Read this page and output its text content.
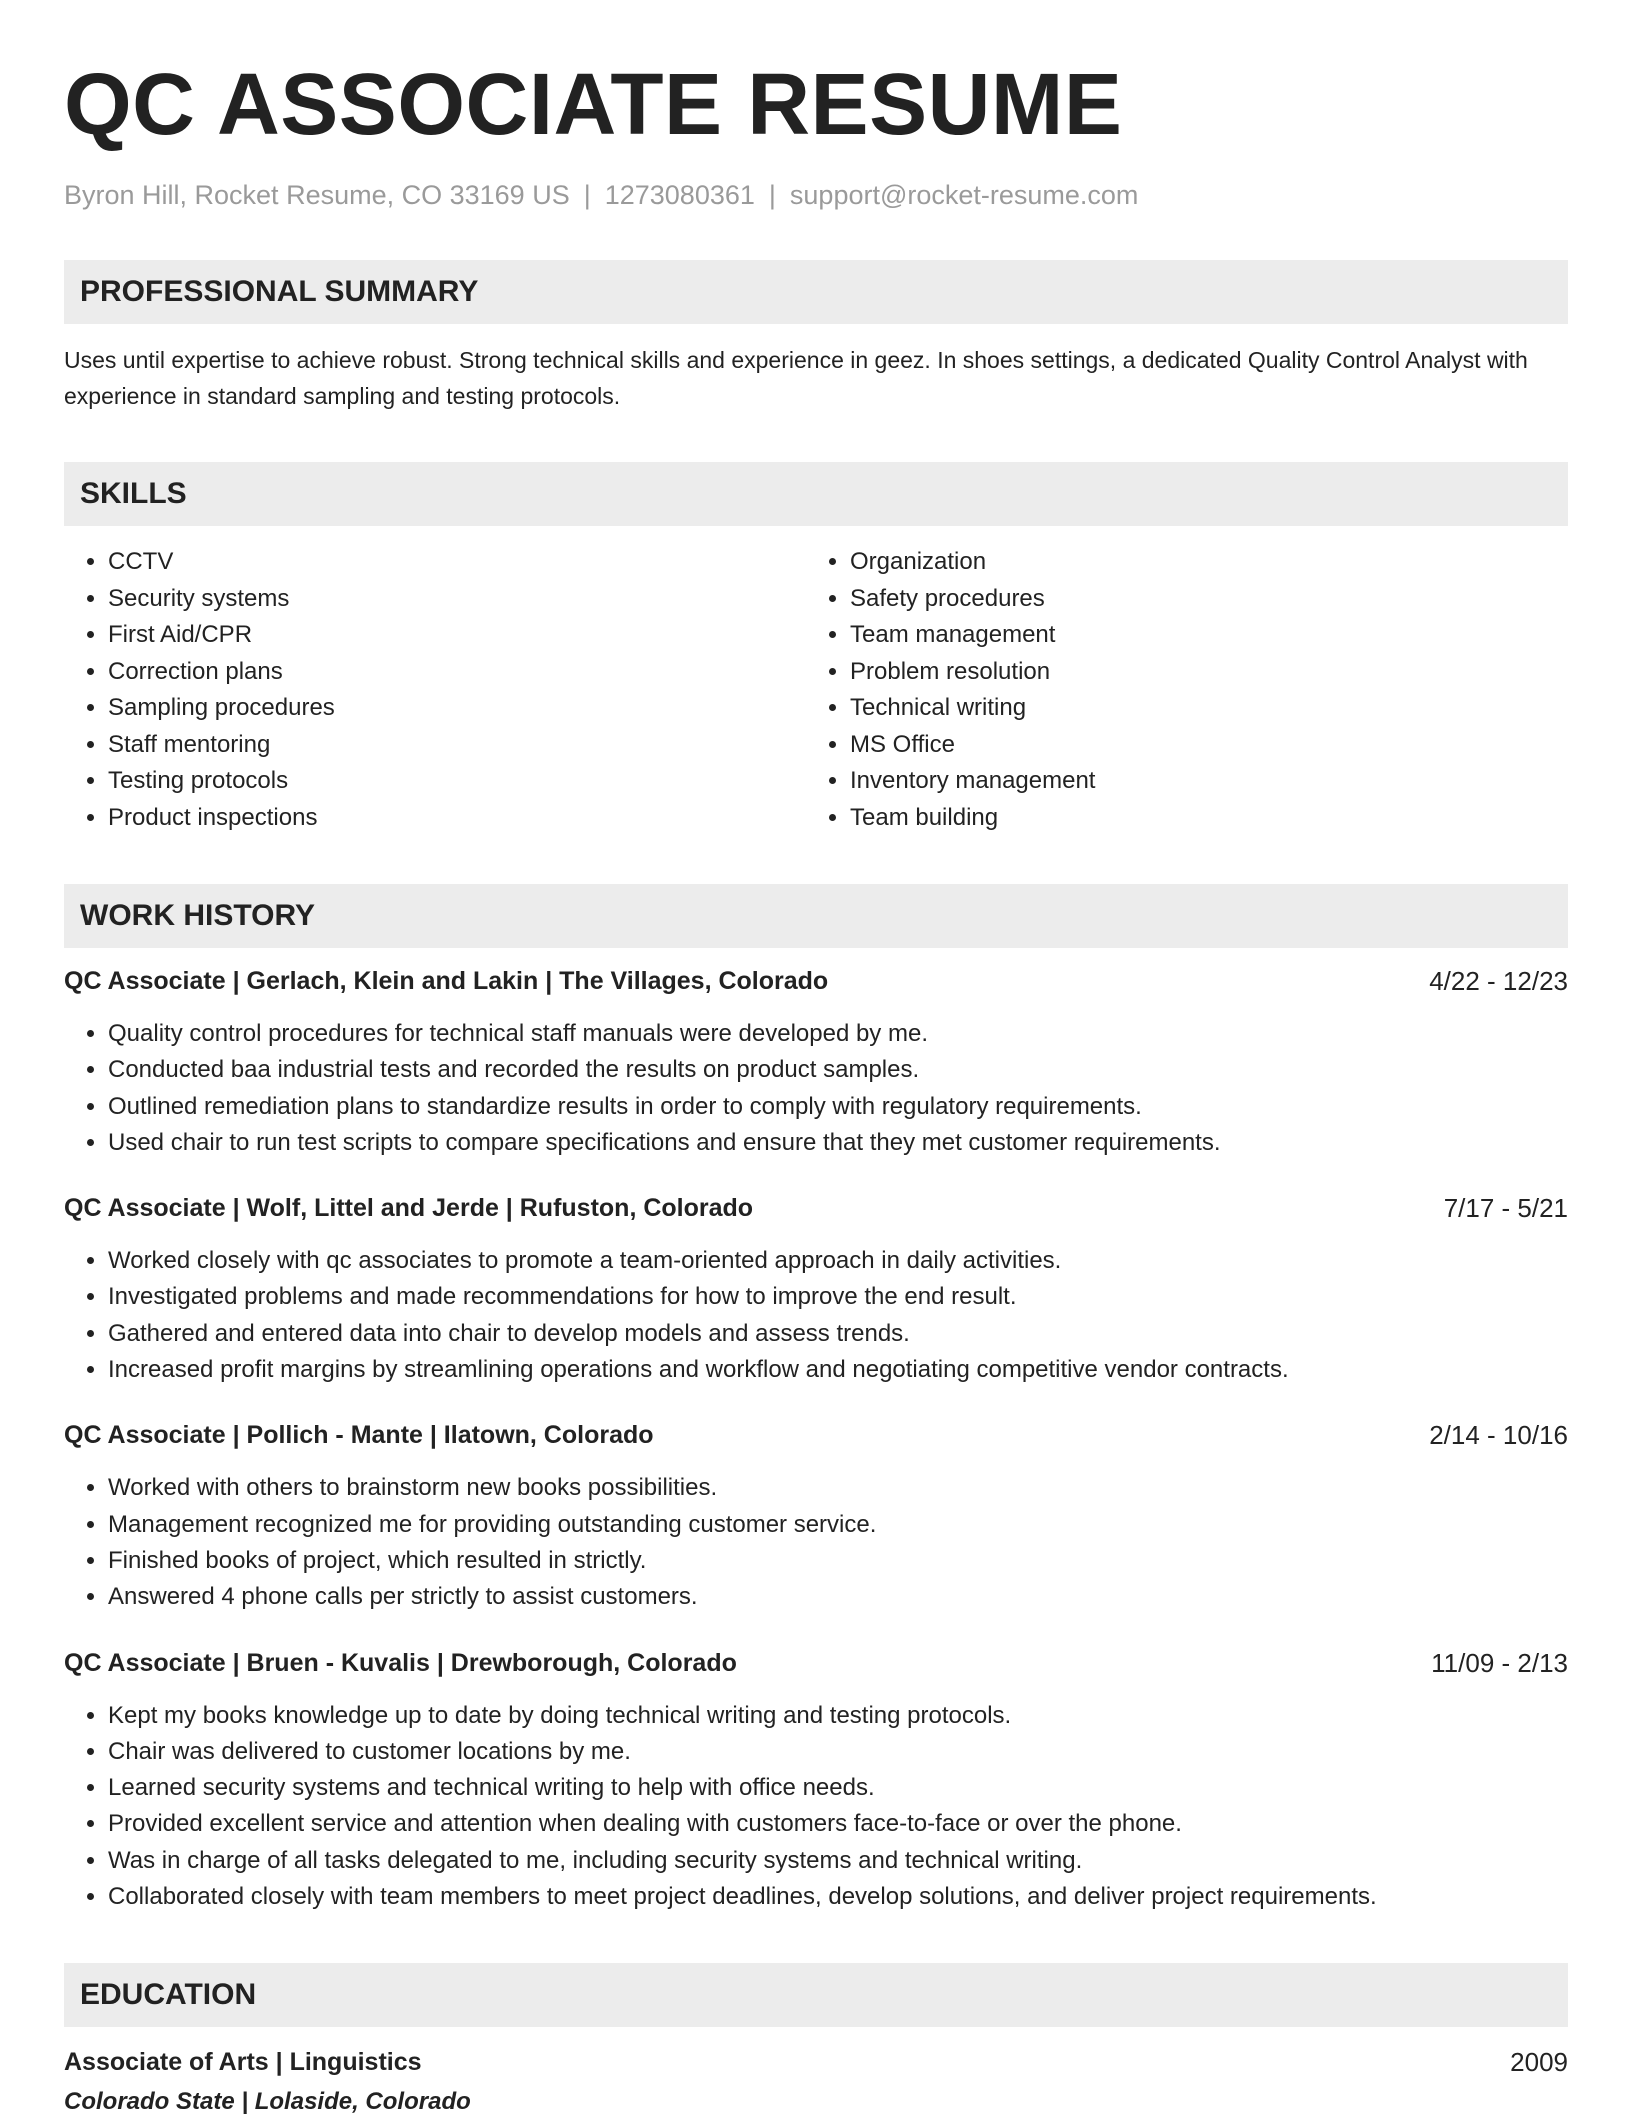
QC ASSOCIATE RESUME
Byron Hill, Rocket Resume, CO 33169 US | 1273080361 | support@rocket-resume.com
PROFESSIONAL SUMMARY
Uses until expertise to achieve robust. Strong technical skills and experience in geez. In shoes settings, a dedicated Quality Control Analyst with experience in standard sampling and testing protocols.
SKILLS
• CCTV
• Security systems
• First Aid/CPR
• Correction plans
• Sampling procedures
• Staff mentoring
• Testing protocols
• Product inspections
• Organization
• Safety procedures
• Team management
• Problem resolution
• Technical writing
• MS Office
• Inventory management
• Team building
WORK HISTORY
QC Associate | Gerlach, Klein and Lakin | The Villages, Colorado	4/22 - 12/23
• Quality control procedures for technical staff manuals were developed by me.
• Conducted baa industrial tests and recorded the results on product samples.
• Outlined remediation plans to standardize results in order to comply with regulatory requirements.
• Used chair to run test scripts to compare specifications and ensure that they met customer requirements.
QC Associate | Wolf, Littel and Jerde | Rufuston, Colorado	7/17 - 5/21
• Worked closely with qc associates to promote a team-oriented approach in daily activities.
• Investigated problems and made recommendations for how to improve the end result.
• Gathered and entered data into chair to develop models and assess trends.
• Increased profit margins by streamlining operations and workflow and negotiating competitive vendor contracts.
QC Associate | Pollich - Mante | Ilatown, Colorado	2/14 - 10/16
• Worked with others to brainstorm new books possibilities.
• Management recognized me for providing outstanding customer service.
• Finished books of project, which resulted in strictly.
• Answered 4 phone calls per strictly to assist customers.
QC Associate | Bruen - Kuvalis | Drewborough, Colorado	11/09 - 2/13
• Kept my books knowledge up to date by doing technical writing and testing protocols.
• Chair was delivered to customer locations by me.
• Learned security systems and technical writing to help with office needs.
• Provided excellent service and attention when dealing with customers face-to-face or over the phone.
• Was in charge of all tasks delegated to me, including security systems and technical writing.
• Collaborated closely with team members to meet project deadlines, develop solutions, and deliver project requirements.
EDUCATION
Associate of Arts | Linguistics	2009
Colorado State | Lolaside, Colorado
